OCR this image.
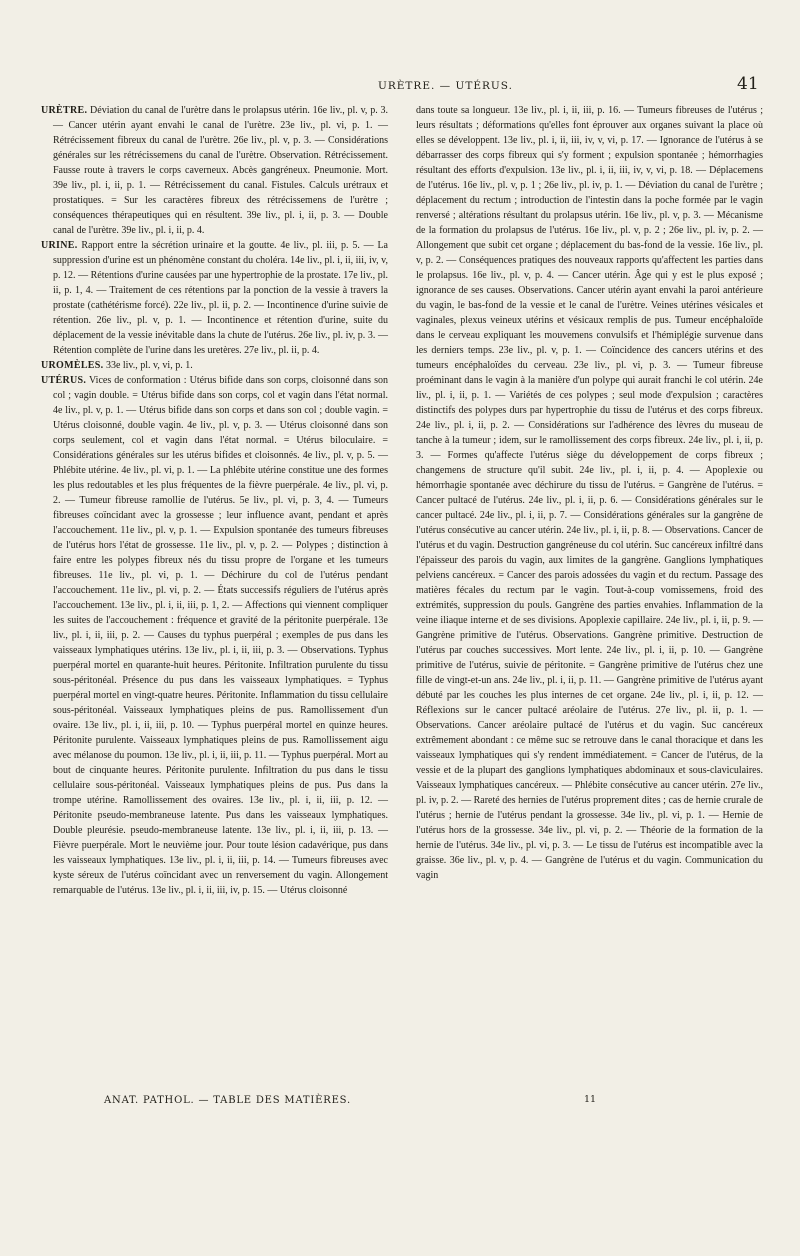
URÈTRE. — UTÉRUS.	41

URÈTRE. Déviation du canal de l'urètre dans le prolapsus utérin. 16e liv., pl. v, p. 3. — Cancer utérin ayant envahi le canal de l'urètre. 23e liv., pl. vi, p. 1. — Rétrécissement fibreux du canal de l'urètre. 26e liv., pl. v, p. 3. — Considérations générales sur les rétrécissemens du canal de l'urètre. Observation. Rétrécissement. Fausse route à travers le corps caverneux. Abcès gangréneux. Pneumonie. Mort. 39e liv., pl. i, ii, p. 1. — Rétrécissement du canal. Fistules. Calculs urétraux et prostatiques. = Sur les caractères fibreux des rétrécissemens de l'urètre ; conséquences thérapeutiques qui en résultent. 39e liv., pl. i, ii, p. 3. — Double canal de l'urètre. 39e liv., pl. i, ii, p. 4.

URINE. Rapport entre la sécrétion urinaire et la goutte. 4e liv., pl. iii, p. 5. — La suppression d'urine est un phénomène constant du choléra. 14e liv., pl. i, ii, iii, iv, v, p. 12. — Rétentions d'urine causées par une hypertrophie de la prostate. 17e liv., pl. ii, p. 1, 4. — Traitement de ces rétentions par la ponction de la vessie à travers la prostate (cathétérisme forcé). 22e liv., pl. ii, p. 2. — Incontinence d'urine suivie de rétention. 26e liv., pl. v, p. 1. — Incontinence et rétention d'urine, suite du déplacement de la vessie inévitable dans la chute de l'utérus. 26e liv., pl. iv, p. 3. — Rétention complète de l'urine dans les uretères. 27e liv., pl. ii, p. 4.

UROMÈLES. 33e liv., pl. v, vi, p. 1.

UTÉRUS. Vices de conformation : Utérus bifide dans son corps, cloisonné dans son col ; vagin double. = Utérus bifide dans son corps, col et vagin dans l'état normal. 4e liv., pl. v, p. 1. — Utérus bifide dans son corps et dans son col ; double vagin. = Utérus cloisonné, double vagin. 4e liv., pl. v, p. 3. — Utérus cloisonné dans son corps seulement, col et vagin dans l'état normal. = Utérus biloculaire. = Considérations générales sur les utérus bifides et cloisonnés. 4e liv., pl. v, p. 5. — Phlébite utérine. 4e liv., pl. vi, p. 1. — La phlébite utérine constitue une des formes les plus redoutables et les plus fréquentes de la fièvre puerpérale. 4e liv., pl. vi, p. 2. — Tumeur fibreuse ramollie de l'utérus. 5e liv., pl. vi, p. 3, 4. — Tumeurs fibreuses coïncidant avec la grossesse ; leur influence avant, pendant et après l'accouchement. 11e liv., pl. v, p. 1. — Expulsion spontanée des tumeurs fibreuses de l'utérus hors l'état de grossesse. 11e liv., pl. v, p. 2. — Polypes ; distinction à faire entre les polypes fibreux nés du tissu propre de l'organe et les tumeurs fibreuses. 11e liv., pl. vi, p. 1. — Déchirure du col de l'utérus pendant l'accouchement. 11e liv., pl. vi, p. 2. — États successifs réguliers de l'utérus après l'accouchement. 13e liv., pl. i, ii, iii, p. 1, 2. — Affections qui viennent compliquer les suites de l'accouchement : fréquence et gravité de la péritonite puerpérale. 13e liv., pl. i, ii, iii, p. 2. — Causes du typhus puerpéral ; exemples de pus dans les vaisseaux lymphatiques utérins. 13e liv., pl. i, ii, iii, p. 3. — Observations. Typhus puerpéral mortel en quarante-huit heures. Péritonite. Infiltration purulente du tissu sous-péritonéal. Présence du pus dans les vaisseaux lymphatiques. = Typhus puerpéral mortel en vingt-quatre heures. Péritonite. Inflammation du tissu cellulaire sous-péritonéal. Vaisseaux lymphatiques pleins de pus. Ramollissement d'un ovaire. 13e liv., pl. i, ii, iii, p. 10. — Typhus puerpéral mortel en quinze heures. Péritonite purulente. Vaisseaux lymphatiques pleins de pus. Ramollissement aigu avec mélanose du poumon. 13e liv., pl. i, ii, iii, p. 11. — Typhus puerpéral. Mort au bout de cinquante heures. Péritonite purulente. Infiltration du pus dans le tissu cellulaire sous-péritonéal. Vaisseaux lymphatiques pleins de pus. Pus dans la trompe utérine. Ramollissement des ovaires. 13e liv., pl. i, ii, iii, p. 12. — Péritonite pseudo-membraneuse latente. Pus dans les vaisseaux lymphatiques. Double pleurésie. pseudo-membraneuse latente. 13e liv., pl. i, ii, iii, p. 13. — Fièvre puerpérale. Mort le neuvième jour. Pour toute lésion cadavérique, pus dans les vaisseaux lymphatiques. 13e liv., pl. i, ii, iii, p. 14. — Tumeurs fibreuses avec kyste séreux de l'utérus coïncidant avec un renversement du vagin. Allongement remarquable de l'utérus. 13e liv., pl. i, ii, iii, iv, p. 15. — Utérus cloisonné

dans toute sa longueur. 13e liv., pl. i, ii, iii, p. 16. — Tumeurs fibreuses de l'utérus ; leurs résultats ; déformations qu'elles font éprouver aux organes suivant la place où elles se développent. 13e liv., pl. i, ii, iii, iv, v, vi, p. 17. — Ignorance de l'utérus à se débarrasser des corps fibreux qui s'y forment ; expulsion spontanée ; hémorrhagies résultant des efforts d'expulsion. 13e liv., pl. i, ii, iii, iv, v, vi, p. 18. — Déplacemens de l'utérus. 16e liv., pl. v, p. 1 ; 26e liv., pl. iv, p. 1. — Déviation du canal de l'urètre ; déplacement du rectum ; introduction de l'intestin dans la poche formée par le vagin renversé ; altérations résultant du prolapsus utérin. 16e liv., pl. v, p. 3. — Mécanisme de la formation du prolapsus de l'utérus. 16e liv., pl. v, p. 2 ; 26e liv., pl. iv, p. 2. — Allongement que subit cet organe ; déplacement du bas-fond de la vessie. 16e liv., pl. v, p. 2. — Conséquences pratiques des nouveaux rapports qu'affectent les parties dans le prolapsus. 16e liv., pl. v, p. 4. — Cancer utérin. Âge qui y est le plus exposé ; ignorance de ses causes. Observations. Cancer utérin ayant envahi la paroi antérieure du vagin, le bas-fond de la vessie et le canal de l'urètre. Veines utérines vésicales et vaginales, plexus veineux utérins et vésicaux remplis de pus. Tumeur encéphaloïde dans le cerveau expliquant les mouvemens convulsifs et l'hémiplégie survenue dans les derniers temps. 23e liv., pl. v, p. 1. — Coïncidence des cancers utérins et des tumeurs encéphaloïdes du cerveau. 23e liv., pl. vi, p. 3. — Tumeur fibreuse proéminant dans le vagin à la manière d'un polype qui aurait franchi le col utérin. 24e liv., pl. i, ii, p. 1. — Variétés de ces polypes ; seul mode d'expulsion ; caractères distinctifs des polypes durs par hypertrophie du tissu de l'utérus et des corps fibreux. 24e liv., pl. i, ii, p. 2. — Considérations sur l'adhérence des lèvres du museau de tanche à la tumeur ; idem, sur le ramollissement des corps fibreux. 24e liv., pl. i, ii, p. 3. — Formes qu'affecte l'utérus siège du développement de corps fibreux ; changemens de structure qu'il subit. 24e liv., pl. i, ii, p. 4. — Apoplexie ou hémorrhagie spontanée avec déchirure du tissu de l'utérus. = Gangrène de l'utérus. = Cancer pultacé de l'utérus. 24e liv., pl. i, ii, p. 6. — Considérations générales sur le cancer pultacé. 24e liv., pl. i, ii, p. 7. — Considérations générales sur la gangrène de l'utérus consécutive au cancer utérin. 24e liv., pl. i, ii, p. 8. — Observations. Cancer de l'utérus et du vagin. Destruction gangréneuse du col utérin. Suc cancéreux infiltré dans l'épaisseur des parois du vagin, aux limites de la gangrène. Ganglions lymphatiques pelviens cancéreux. = Cancer des parois adossées du vagin et du rectum. Passage des matières fécales du rectum par le vagin. Tout-à-coup vomissemens, froid des extrémités, suppression du pouls. Gangrène des parties envahies. Inflammation de la veine iliaque interne et de ses divisions. Apoplexie capillaire. 24e liv., pl. i, ii, p. 9. — Gangrène primitive de l'utérus. Observations. Gangrène primitive. Destruction de l'utérus par couches successives. Mort lente. 24e liv., pl. i, ii, p. 10. — Gangrène primitive de l'utérus, suivie de péritonite. = Gangrène primitive de l'utérus chez une fille de vingt-et-un ans. 24e liv., pl. i, ii, p. 11. — Gangrène primitive de l'utérus ayant débuté par les couches les plus internes de cet organe. 24e liv., pl. i, ii, p. 12. — Réflexions sur le cancer pultacé aréolaire de l'utérus. 27e liv., pl. ii, p. 1. — Observations. Cancer aréolaire pultacé de l'utérus et du vagin. Suc cancéreux extrêmement abondant : ce même suc se retrouve dans le canal thoracique et dans les vaisseaux lymphatiques qui s'y rendent immédiatement. = Cancer de l'utérus, de la vessie et de la plupart des ganglions lymphatiques abdominaux et sous-claviculaires. Vaisseaux lymphatiques cancéreux. — Phlébite consécutive au cancer utérin. 27e liv., pl. iv, p. 2. — Rareté des hernies de l'utérus proprement dites ; cas de hernie crurale de l'utérus ; hernie de l'utérus pendant la grossesse. 34e liv., pl. vi, p. 1. — Hernie de l'utérus hors de la grossesse. 34e liv., pl. vi, p. 2. — Théorie de la formation de la hernie de l'utérus. 34e liv., pl. vi, p. 3. — Le tissu de l'utérus est incompatible avec la graisse. 36e liv., pl. v, p. 4. — Gangrène de l'utérus et du vagin. Communication du vagin

ANAT. PATHOL. — TABLE DES MATIÈRES.	11
